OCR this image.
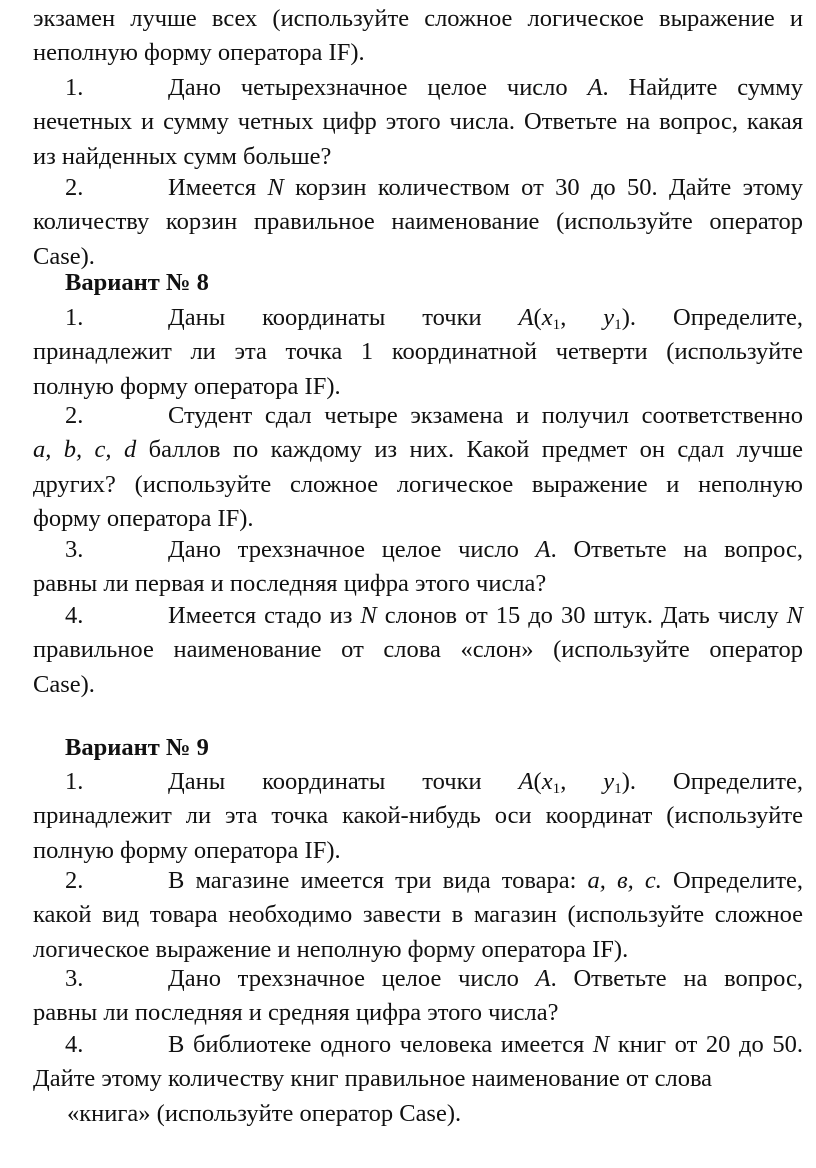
экзамен лучше всех (используйте сложное логическое выражение и
неполную форму оператора IF).
1.	Дано четырехзначное целое число A. Найдите сумму
нечетных и сумму четных цифр этого числа. Ответьте на вопрос, какая
из найденных сумм больше?
2.	Имеется N корзин количеством от 30 до 50. Дайте этому
количеству корзин правильное наименование (используйте оператор
Case).
Вариант № 8
1.	Даны координаты точки $A(x_1$, $y_1$). Определите,
принадлежит ли эта точка 1 координатной четверти (используйте
полную форму оператора IF).
2.	Студент сдал четыре экзамена и получил соответственно
a, b, c, d баллов по каждому из них. Какой предмет он сдал лучше
других? (используйте сложное логическое выражение и неполную
форму оператора IF).
3.	Дано трехзначное целое число A. Ответьте на вопрос,
равны ли первая и последняя цифра этого числа?
4.	Имеется стадо из N слонов от 15 до 30 штук. Дать числу N
правильное наименование от слова «слон» (используйте оператор
Case).
Вариант № 9
1.	Даны координаты точки $A(x_1$, $y_1$). Определите,
принадлежит ли эта точка какой-нибудь оси координат (используйте
полную форму оператора IF).
2.	В магазине имеется три вида товара: а, в, с. Определите,
какой вид товара необходимо завести в магазин (используйте сложное
логическое выражение и неполную форму оператора IF).
3.	Дано трехзначное целое число A. Ответьте на вопрос,
равны ли последняя и средняя цифра этого числа?
4.	В библиотеке одного человека имеется N книг от 20 до 50.
Дайте этому количеству книг правильное наименование от слова
«книга» (используйте оператор Case).
